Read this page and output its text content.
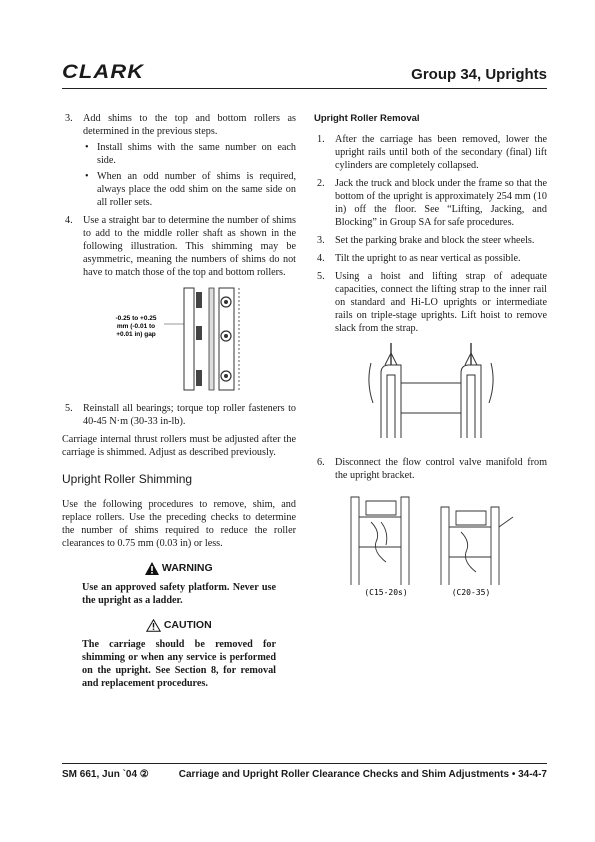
CLARK	Group 34, Uprights
3. Add shims to the top and bottom rollers as determined in the previous steps.
• Install shims with the same number on each side.
• When an odd number of shims is required, always place the odd shim on the same side on all roller sets.
4. Use a straight bar to determine the number of shims to add to the middle roller shaft as shown in the following illustration. This shimming may be asymmetric, meaning the numbers of shims do not have to match those of the top and bottom rollers.
-0.25 to +0.25
mm (-0.01 to
+0.01 in) gap
5. Reinstall all bearings; torque top roller fasteners to 40-45 N·m (30-33 in-lb).

Carriage internal thrust rollers must be adjusted after the carriage is shimmed. Adjust as described previously.

Upright Roller Shimming

Use the following procedures to remove, shim, and replace rollers. Use the preceding checks to determine the number of shims required to reduce the roller clearances to 0.75 mm (0.03 in) or less.

WARNING
Use an approved safety platform. Never use the upright as a ladder.
CAUTION
The carriage should be removed for shimming or when any service is performed on the upright. See Section 8, for removal and replacement procedures.
Upright Roller Removal
1. After the carriage has been removed, lower the upright rails until both of the secondary (final) lift cylinders are completely collapsed.
2. Jack the truck and block under the frame so that the bottom of the upright is approximately 254 mm (10 in) off the floor. See “Lifting, Jacking, and Blocking” in Group SA for safe procedures.
3. Set the parking brake and block the steer wheels.
4. Tilt the upright to as near vertical as possible.
5. Using a hoist and lifting strap of adequate capacities, connect the lifting strap to the inner rail on standard and Hi-LO uprights or intermediate rails on triple-stage uprights. Lift hoist to remove slack from the strap.
6. Disconnect the flow control valve manifold from the upright bracket.
(C15-20s)	(C20-35)
SM 661, Jun `04 ②	Carriage and Upright Roller Clearance Checks and Shim Adjustments • 34-4-7
